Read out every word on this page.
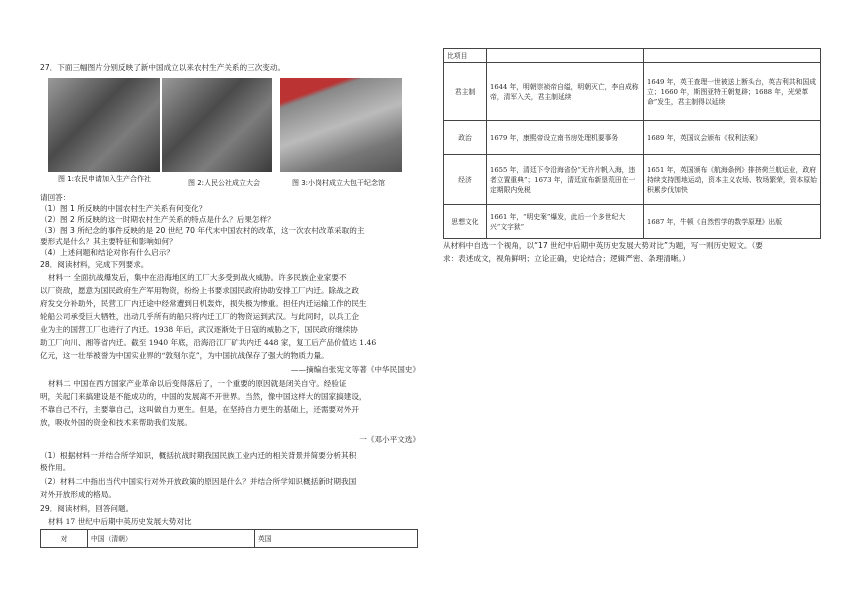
27．下面三幅图片分别反映了新中国成立以来农村生产关系的三次变动。
图 1:农民申请加入生产合作社	图 2:人民公社成立大会	图 3:小岗村成立大包干纪念馆
请回答：
（1）图 1 所反映的中国农村生产关系有何变化？
（2）图 2 所反映的这一时期农村生产关系的特点是什么？后果怎样？
（3）图 3 所纪念的事件反映的是 20 世纪 70 年代末中国农村的改革，这一次农村改革采取的主
要形式是什么？其主要特征和影响如何？
（4）上述问题和结论对你有什么启示？
28．阅读材料，完成下列要求。
材料一 全面抗战爆发后，集中在沿海地区的工厂大多受到战火威胁。许多民族企业家要不
以厂资敌，愿意为国民政府生产军用物资，纷纷上书要求国民政府协助安排工厂内迁。除战之政
府发交分补助外，民营工厂内迁途中经常遭到日机轰炸，损失极为惨重。担任内迁运输工作的民生
轮船公司承受巨大牺牲，出动几乎所有的船只将内迁工厂的物资运到武汉。与此同时，以兵工企
业为主的国营工厂也进行了内迁。1938 年后，武汉逐渐处于日寇的威胁之下，国民政府继续协
助工厂向川、湘等省内迁。截至 1940 年底，沿海沿江厂矿共内迁 448 家，复工后产品价值达 1.46
亿元，这一壮举被誉为中国实业界的“敦刻尔克”，为中国抗战保存了强大的物质力量。
——摘编自张宪文等著《中华民国史》
材料二 中国在西方国家产业革命以后变得落后了，一个重要的原因就是闭关自守。经验证
明，关起门来搞建设是不能成功的，中国的发展离不开世界。当然，像中国这样大的国家搞建设，
不靠自己不行，主要靠自己，这叫做自力更生。但是，在坚持自力更生的基础上，还需要对外开
放，吸收外国的资金和技术来帮助我们发展。
一《邓小平文选》
（1）根据材料一并结合所学知识，概括抗战时期我国民族工业内迁的相关背景并简要分析其积
极作用。
（2）材料二中指出当代中国实行对外开放政策的原因是什么？并结合所学知识概括新时期我国
对外开放形成的格局。
29．阅读材料，回答问题。
材料 17 世纪中后期中英历史发展大势对比
对	中国（清朝）	英国
比项目		
君主制	1644 年，明朝崇祯帝自缢，明朝灭亡，李自成称帝，清军入关，君主制延续	1649 年，英王查理一世被送上断头台，英吉利共和国成立；1660 年，斯图亚特王朝复辟；1688 年，光荣革命”发生，君主制得以延续
政治	1679 年，康熙帝设立南书房处理机要事务	1689 年，英国议会颁布《权利法案》
经济	1655 年，清廷下令沿海省份“无许片帆入海，违者立置重典”；1673 年，清廷宣布新垦荒田在一定期限内免税	1651 年，英国颁布《航海条例》排挤荷兰航运业，政府持续支持围地运动，资本主义农场、牧场繁荣，资本原始积累步伐加快
思想文化	1661 年，“明史案”爆发，此后一个多世纪大兴“文字狱”	1687 年，牛顿《自然哲学的数学原理》出版
从材料中自选一个视角，以“17 世纪中后期中英历史发展大势对比”为题，写一则历史短文。（要
求：表述成文，视角鲜明；立论正确，史论结合；逻辑严密、条理清晰。）
